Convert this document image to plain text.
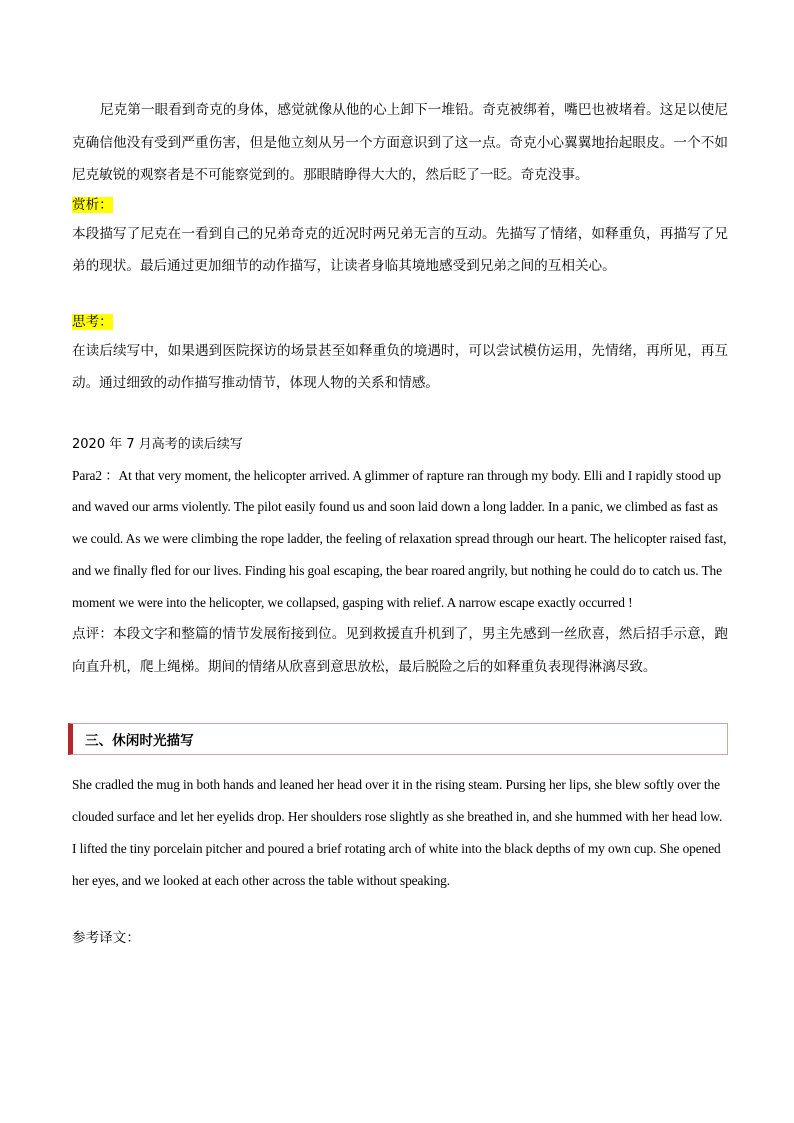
尼克第一眼看到奇克的身体，感觉就像从他的心上卸下一堆铅。奇克被绑着，嘴巴也被堵着。这足以使尼克确信他没有受到严重伤害，但是他立刻从另一个方面意识到了这一点。奇克小心翼翼地抬起眼皮。一个不如尼克敏锐的观察者是不可能察觉到的。那眼睛睁得大大的，然后眨了一眨。奇克没事。

赏析：

本段描写了尼克在一看到自己的兄弟奇克的近况时两兄弟无言的互动。先描写了情绪，如释重负，再描写了兄弟的现状。最后通过更加细节的动作描写，让读者身临其境地感受到兄弟之间的互相关心。

思考：

在读后续写中，如果遇到医院探访的场景甚至如释重负的境遇时，可以尝试模仿运用，先情绪，再所见，再互动。通过细致的动作描写推动情节，体现人物的关系和情感。

2020 年 7 月高考的读后续写

Para2 ：At that very moment, the helicopter arrived. A glimmer of rapture ran through my body. Elli and I rapidly stood up and waved our arms violently. The pilot easily found us and soon laid down a long ladder. In a panic, we climbed as fast as we could. As we were climbing the rope ladder, the feeling of relaxation spread through our heart. The helicopter raised fast, and we finally fled for our lives. Finding his goal escaping, the bear roared angrily, but nothing he could do to catch us. The moment we were into the helicopter, we collapsed, gasping with relief. A narrow escape exactly occurred !

点评：本段文字和整篇的情节发展衔接到位。见到救援直升机到了，男主先感到一丝欣喜，然后招手示意，跑向直升机，爬上绳梯。期间的情绪从欣喜到意思放松，最后脱险之后的如释重负表现得淋漓尽致。

三、休闲时光描写

She cradled the mug in both hands and leaned her head over it in the rising steam. Pursing her lips, she blew softly over the clouded surface and let her eyelids drop. Her shoulders rose slightly as she breathed in, and she hummed with her head low. I lifted the tiny porcelain pitcher and poured a brief rotating arch of white into the black depths of my own cup. She opened her eyes, and we looked at each other across the table without speaking.

参考译文：
